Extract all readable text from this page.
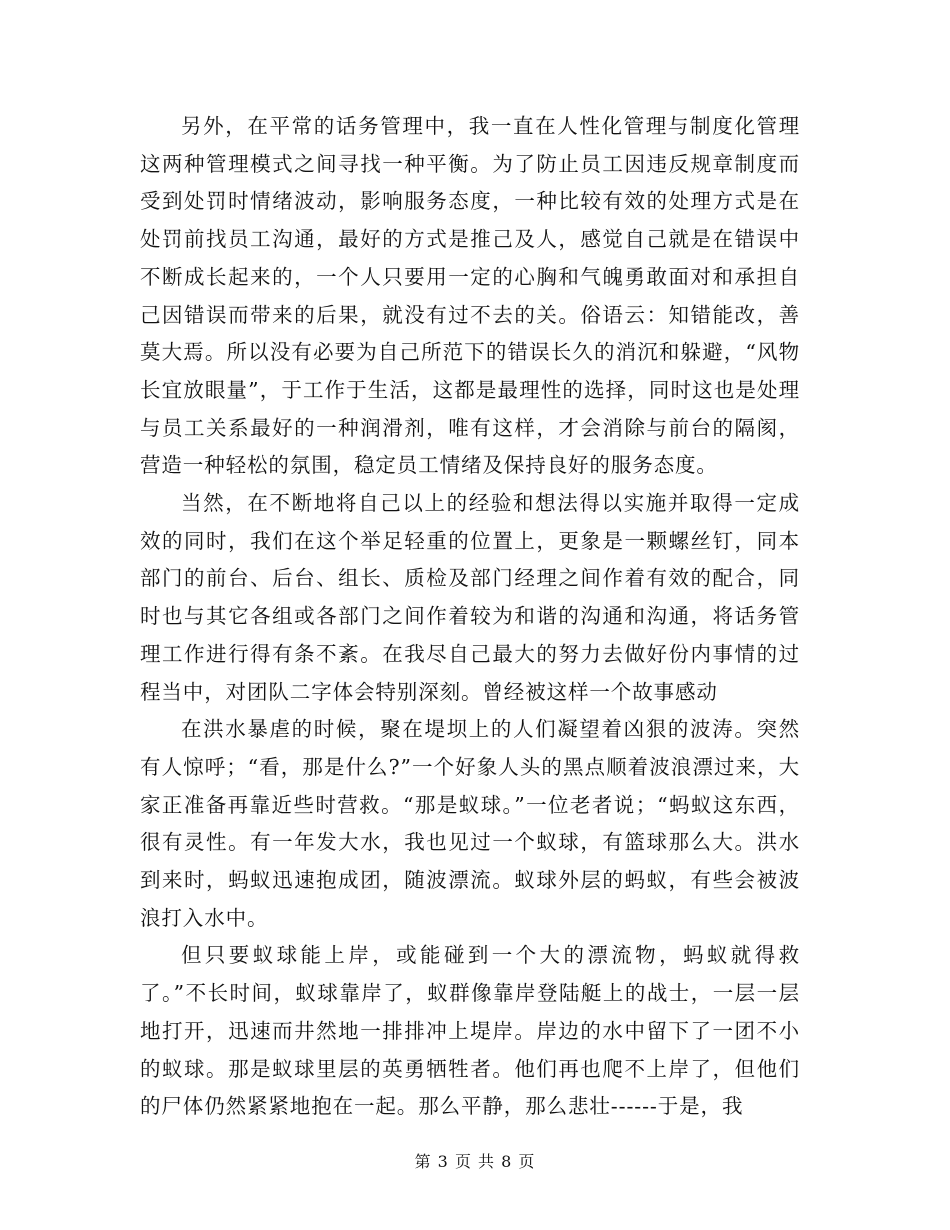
另外，在平常的话务管理中，我一直在人性化管理与制度化管理这两种管理模式之间寻找一种平衡。为了防止员工因违反规章制度而受到处罚时情绪波动，影响服务态度，一种比较有效的处理方式是在处罚前找员工沟通，最好的方式是推己及人，感觉自己就是在错误中不断成长起来的，一个人只要用一定的心胸和气魄勇敢面对和承担自己因错误而带来的后果，就没有过不去的关。俗语云：知错能改，善莫大焉。所以没有必要为自己所范下的错误长久的消沉和躲避，“风物长宜放眼量”，于工作于生活，这都是最理性的选择，同时这也是处理与员工关系最好的一种润滑剂，唯有这样，才会消除与前台的隔阂，营造一种轻松的氛围，稳定员工情绪及保持良好的服务态度。

当然，在不断地将自己以上的经验和想法得以实施并取得一定成效的同时，我们在这个举足轻重的位置上，更象是一颗螺丝钉，同本部门的前台、后台、组长、质检及部门经理之间作着有效的配合，同时也与其它各组或各部门之间作着较为和谐的沟通和沟通，将话务管理工作进行得有条不紊。在我尽自己最大的努力去做好份内事情的过程当中，对团队二字体会特别深刻。曾经被这样一个故事感动

在洪水暴虐的时候，聚在堤坝上的人们凝望着凶狠的波涛。突然有人惊呼；“看，那是什么?”一个好象人头的黑点顺着波浪漂过来，大家正准备再靠近些时营救。“那是蚁球。”一位老者说；“蚂蚁这东西，很有灵性。有一年发大水，我也见过一个蚁球，有篮球那么大。洪水 到来时，蚂蚁迅速抱成团，随波漂流。蚁球外层的蚂蚁，有些会被波浪打入水中。

但只要蚁球能上岸，或能碰到一个大的漂流物，蚂蚁就得救了。”不长时间，蚁球靠岸了，蚁群像靠岸登陆艇上的战士，一层一层地打开，迅速而井然地一排排冲上堤岸。岸边的水中留下了一团不小的蚁球。那是蚁球里层的英勇牺牲者。他们再也爬不上岸了，但他们的尸体仍然紧紧地抱在一起。那么平静，那么悲壮------于是，我

第 3 页 共 8 页
